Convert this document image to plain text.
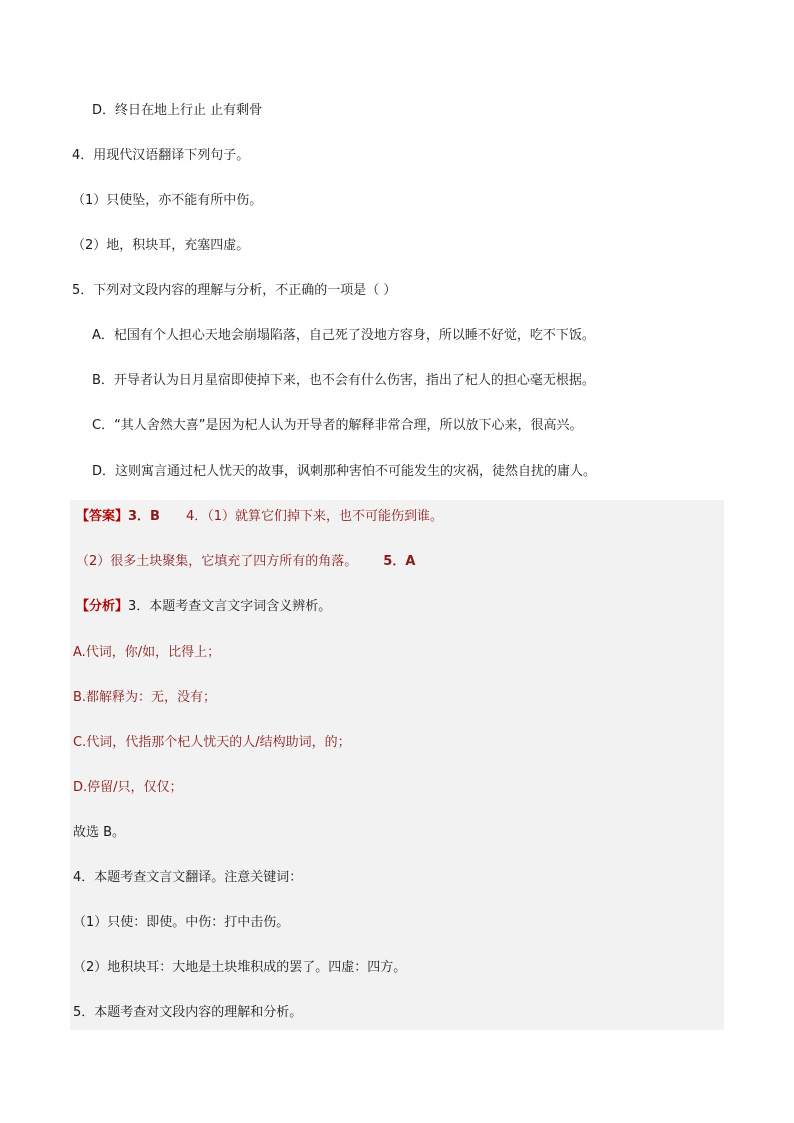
D．终日在地上行止 止有剩骨
4．用现代汉语翻译下列句子。
（1）只使坠，亦不能有所中伤。
（2）地，积块耳，充塞四虚。
5．下列对文段内容的理解与分析，不正确的一项是（ ）
A．杞国有个人担心天地会崩塌陷落，自己死了没地方容身，所以睡不好觉，吃不下饭。
B．开导者认为日月星宿即使掉下来，也不会有什么伤害，指出了杞人的担心毫无根据。
C．“其人舍然大喜”是因为杞人认为开导者的解释非常合理，所以放下心来，很高兴。
D．这则寓言通过杞人忧天的故事，讽刺那种害怕不可能发生的灾祸，徒然自扰的庸人。
【答案】3．B 4．（1）就算它们掉下来，也不可能伤到谁。
（2）很多土块聚集，它填充了四方所有的角落。 5．A
【分析】3．本题考查文言文字词含义辨析。
A.代词，你/如，比得上；
B.都解释为：无，没有；
C.代词，代指那个杞人忧天的人/结构助词，的；
D.停留/只，仅仅；
故选 B。
4．本题考查文言文翻译。注意关键词：
（1）只使：即使。中伤：打中击伤。
（2）地积块耳：大地是土块堆积成的罢了。四虚：四方。
5．本题考查对文段内容的理解和分析。
